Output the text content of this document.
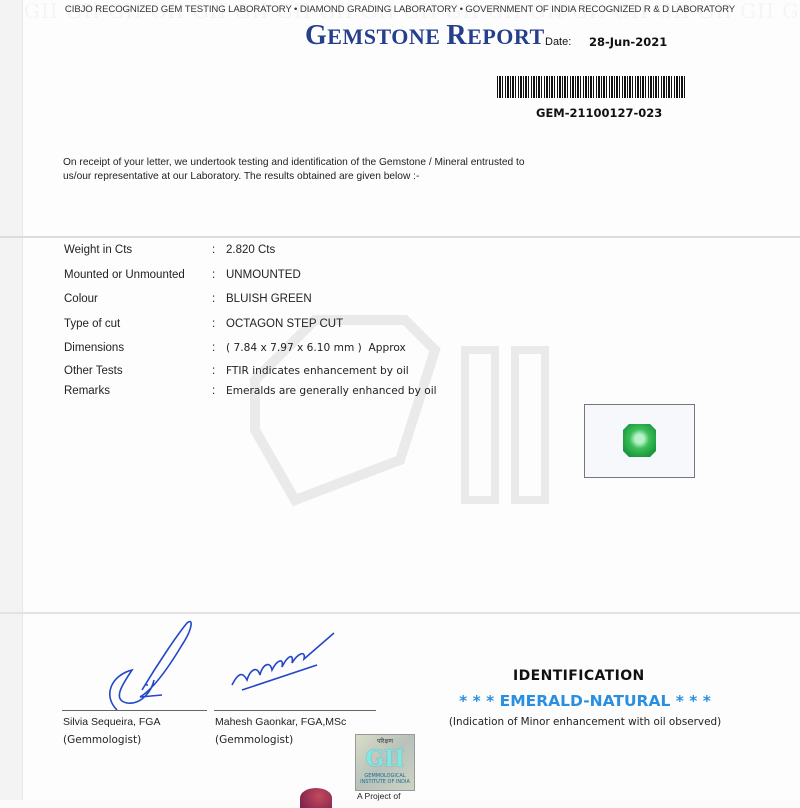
CIBJO RECOGNIZED GEM TESTING LABORATORY • DIAMOND GRADING LABORATORY • GOVERNMENT OF INDIA RECOGNIZED R & D LABORATORY
GEMSTONE REPORT Date: 28-Jun-2021
GEM-21100127-023
On receipt of your letter, we undertook testing and identification of the Gemstone / Mineral entrusted to us/our representative at our Laboratory. The results obtained are given below :-
Weight in Cts	: 2.820 Cts
Mounted or Unmounted : UNMOUNTED
Colour	: BLUISH GREEN
Type of cut	: OCTAGON STEP CUT
Dimensions	: ( 7.84 x 7.97 x 6.10 mm )  Approx
Other Tests	: FTIR indicates enhancement by oil
Remarks	: Emeralds are generally enhanced by oil
Silvia Sequeira, FGA
(Gemmologist)
Mahesh Gaonkar, FGA,MSc
(Gemmologist)
IDENTIFICATION
* * * EMERALD-NATURAL * * *
(Indication of Minor enhancement with oil observed)
परिक्षण
GII
GEMMOLOGICAL INSTITUTE OF INDIA
A Project of
